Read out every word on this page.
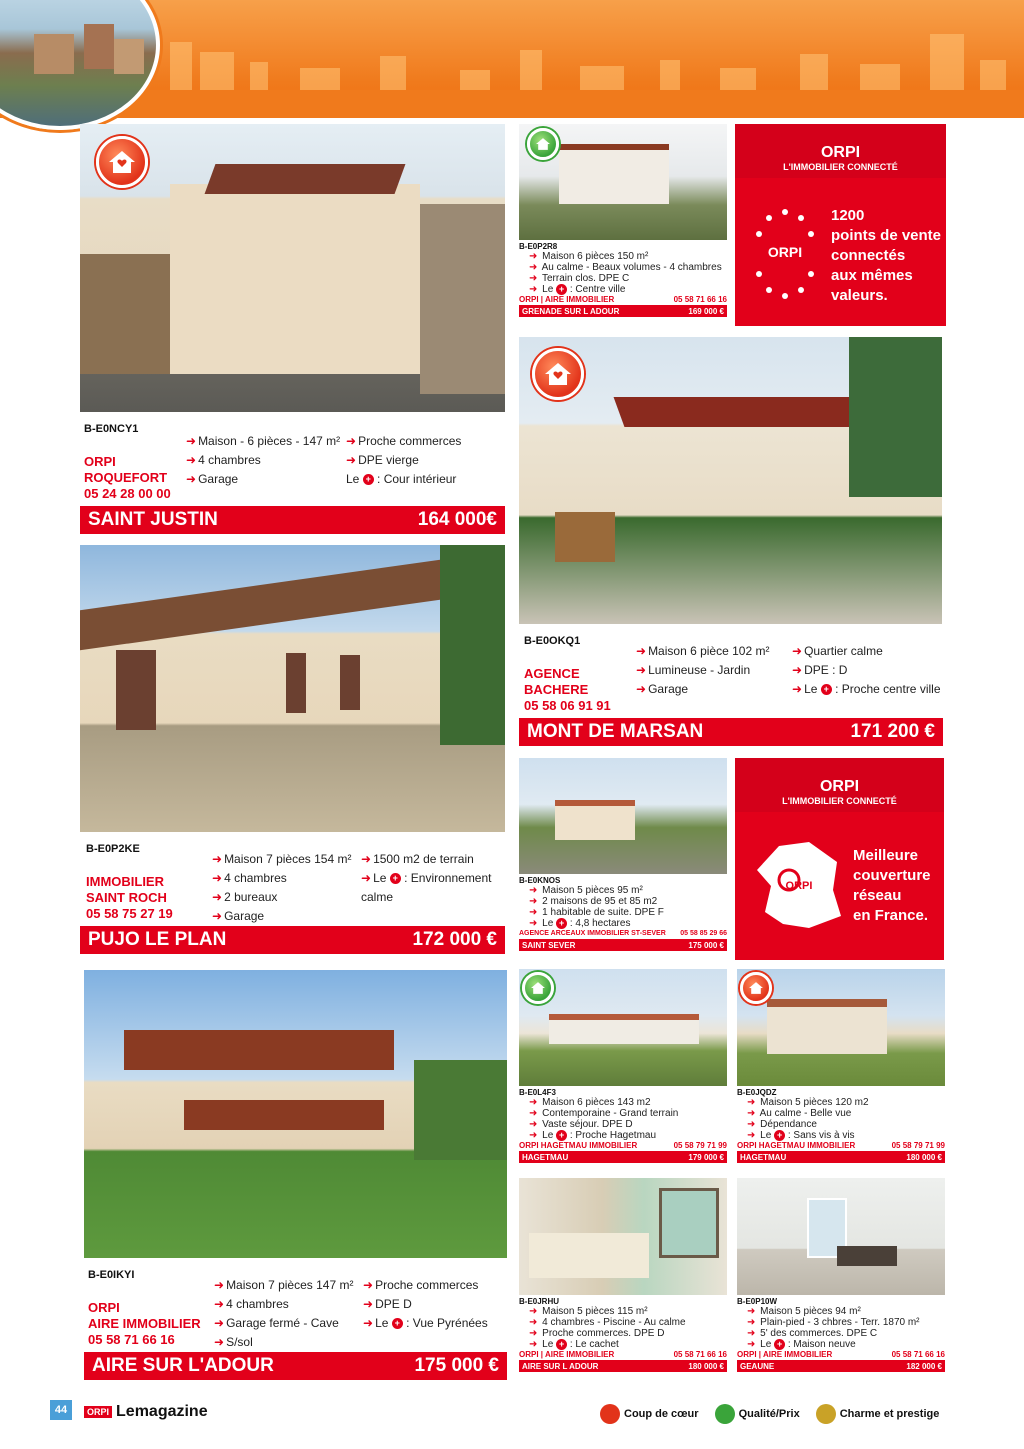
B-E0NCY1
ORPI
ROQUEFORT
05 24 28 00 00
➜ Maison - 6 pièces - 147 m²
➜ 4 chambres
➜ Garage
➜ Proche commerces
➜ DPE vierge
Le + : Cour intérieur
SAINT JUSTIN	164 000€
B-E0P2KE
IMMOBILIER
SAINT ROCH
05 58 75 27 19
➜ Maison 7 pièces 154 m²
➜ 4 chambres
➜ 2 bureaux
➜ Garage
➜ 1500 m2 de terrain
➜ Le + : Environnement
calme
PUJO LE PLAN	172 000 €
B-E0IKYI
ORPI
AIRE IMMOBILIER
05 58 71 66 16
➜ Maison 7 pièces 147 m²
➜ 4 chambres
➜ Garage fermé - Cave
➜ S/sol
➜ Proche commerces
➜ DPE D
➜ Le + : Vue Pyrénées
AIRE SUR L'ADOUR	175 000 €
B-E0OKQ1
AGENCE
BACHERE
05 58 06 91 91
➜ Maison 6 pièce 102 m²
➜ Lumineuse - Jardin
➜ Garage
➜ Quartier calme
➜ DPE : D
➜ Le + : Proche centre ville
MONT DE MARSAN	171 200 €
B-E0P2R8
➜ Maison 6 pièces 150 m²
➜ Au calme - Beaux volumes - 4 chambres
➜ Terrain clos. DPE C
➜ Le + : Centre ville
ORPI | AIRE IMMOBILIER	05 58 71 66 16
GRENADE SUR L ADOUR	169 000 €
ORPI
L'IMMOBILIER CONNECTÉ
ORPI
1200
points de vente
connectés
aux mêmes
valeurs.
B-E0KNOS
➜ Maison 5 pièces 95 m²
➜ 2 maisons de 95 et 85 m2
➜ 1 habitable de suite. DPE F
➜ Le + : 4,8 hectares
AGENCE ARCEAUX IMMOBILIER ST-SEVER 05 58 85 29 66
SAINT SEVER	175 000 €
ORPI
L'IMMOBILIER CONNECTÉ
ORPI
Meilleure
couverture
réseau
en France.
B-E0L4F3
➜ Maison 6 pièces 143 m2
➜ Contemporaine - Grand terrain
➜ Vaste séjour. DPE D
➜ Le + : Proche Hagetmau
ORPI HAGETMAU IMMOBILIER	05 58 79 71 99
HAGETMAU	179 000 €
B-E0JQDZ
➜ Maison 5 pièces 120 m2
➜ Au calme - Belle vue
➜ Dépendance
➜ Le + : Sans vis à vis
ORPI HAGETMAU IMMOBILIER	05 58 79 71 99
HAGETMAU	180 000 €
B-E0JRHU
➜ Maison 5 pièces 115 m²
➜ 4 chambres - Piscine - Au calme
➜ Proche commerces. DPE D
➜ Le + : Le cachet
ORPI | AIRE IMMOBILIER	05 58 71 66 16
AIRE SUR L ADOUR	180 000 €
B-E0P10W
➜ Maison 5 pièces 94 m²
➜ Plain-pied - 3 chbres - Terr. 1870 m²
➜ 5' des commerces. DPE C
➜ Le + : Maison neuve
ORPI | AIRE IMMOBILIER	05 58 71 66 16
GEAUNE	182 000 €
44	ORPI Lemagazine	Coup de cœur	Qualité/Prix	Charme et prestige
